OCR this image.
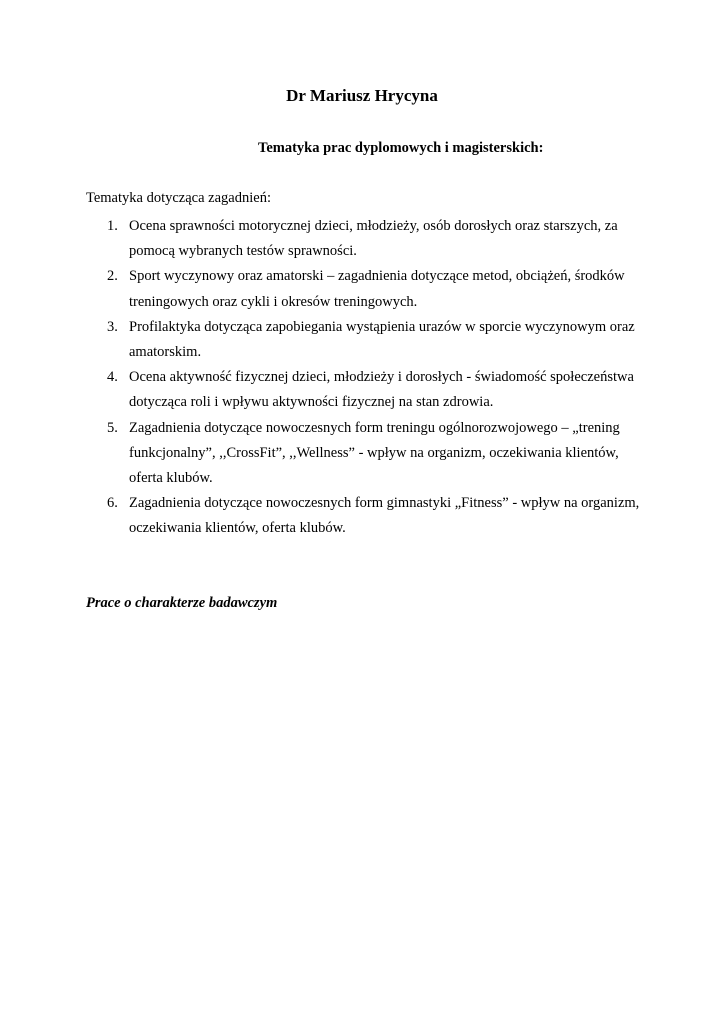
Dr Mariusz Hrycyna
Tematyka prac dyplomowych i magisterskich:
Tematyka dotycząca zagadnień:
1. Ocena sprawności motorycznej dzieci, młodzieży, osób dorosłych oraz starszych, za pomocą wybranych testów sprawności.
2. Sport wyczynowy oraz amatorski – zagadnienia dotyczące metod, obciążeń, środków treningowych oraz cykli i okresów treningowych.
3. Profilaktyka dotycząca zapobiegania wystąpienia urazów w sporcie wyczynowym oraz amatorskim.
4. Ocena aktywność fizycznej dzieci, młodzieży i dorosłych - świadomość społeczeństwa dotycząca roli i wpływu aktywności fizycznej na stan zdrowia.
5. Zagadnienia dotyczące nowoczesnych form treningu ogólnorozwojowego – „trening funkcjonalny”, ,,CrossFit”, ,,Wellness” - wpływ na organizm, oczekiwania klientów, oferta klubów.
6. Zagadnienia dotyczące nowoczesnych form gimnastyki „Fitness” - wpływ na organizm, oczekiwania klientów, oferta klubów.
Prace o charakterze badawczym
